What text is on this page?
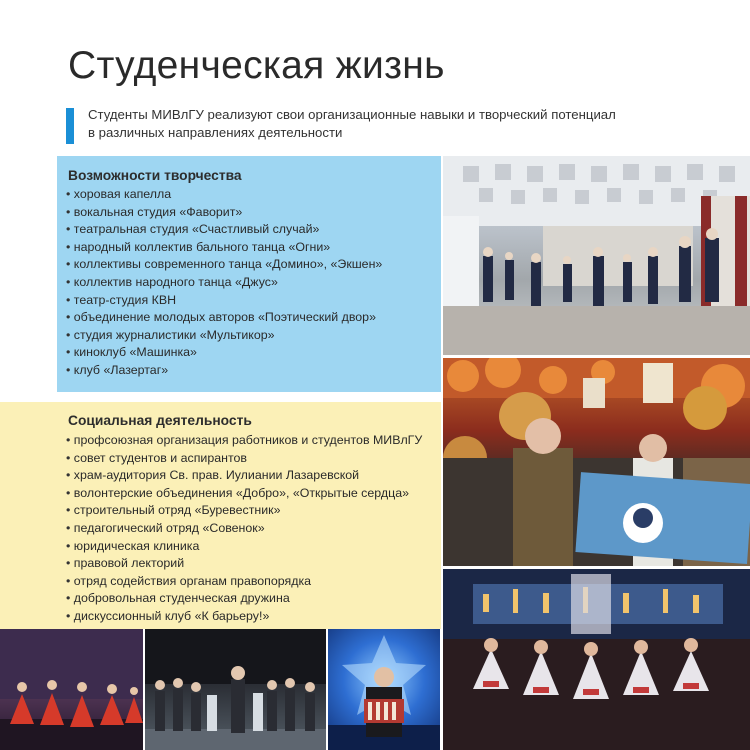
Студенческая жизнь
Студенты МИВлГУ реализуют свои организационные навыки и творческий потенциал
в различных направлениях деятельности
Возможности творчества
• хоровая капелла
• вокальная студия «Фаворит»
• театральная студия «Счастливый случай»
• народный коллектив бального танца «Огни»
• коллективы современного танца «Домино», «Экшен»
• коллектив народного танца «Джус»
• театр-студия КВН
• объединение молодых авторов «Поэтический двор»
• студия журналистики «Мультикор»
• киноклуб «Машинка»
• клуб «Лазертаг»
Социальная деятельность
• профсоюзная организация работников и студентов МИВлГУ
• совет студентов и аспирантов
• храм-аудитория Св. прав. Иулиании Лазаревской
• волонтерские объединения «Добро», «Открытые сердца»
• строительный отряд «Буревестник»
• педагогический отряд «Совенок»
• юридическая клиника
• правовой лекторий
• отряд содействия органам правопорядка
• добровольная студенческая дружина
• дискуссионный клуб «К барьеру!»
